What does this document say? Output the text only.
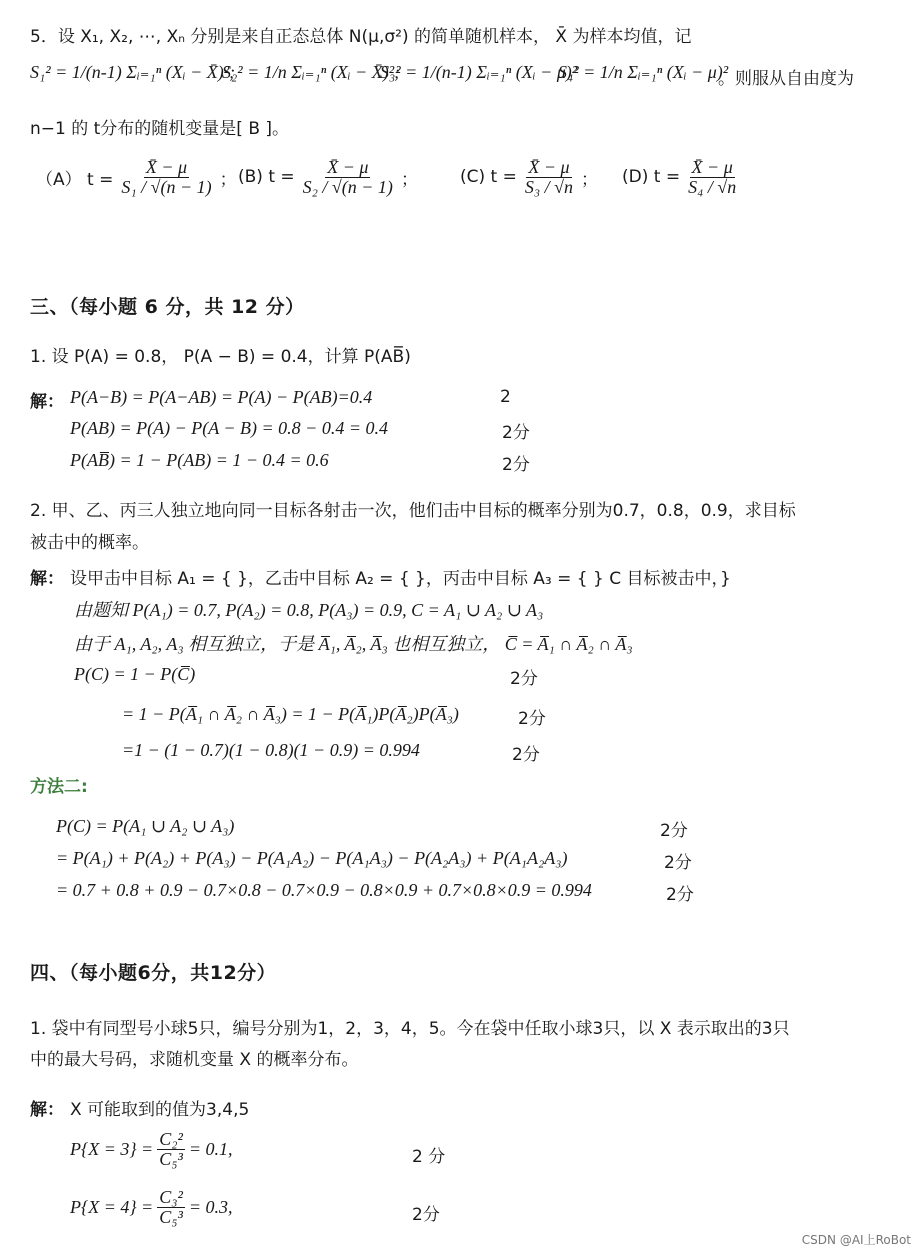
5．设 X₁, X₂, ⋯, Xₙ 分别是来自正态总体 N(μ,σ²) 的简单随机样本， X̄ 为样本均值，记
S₁² = 1/(n-1) Σᵢ₌₁ⁿ (Xᵢ − X̄)²;
S₂² = 1/n Σᵢ₌₁ⁿ (Xᵢ − X̄)²;
S₃² = 1/(n-1) Σᵢ₌₁ⁿ (Xᵢ − μ)²
S₄² = 1/n Σᵢ₌₁ⁿ (Xᵢ − μ)²
。则服从自由度为
n−1 的 t分布的随机变量是[ B ]。
（A） $t = \frac{X̄ - \mu}{\text{S₁ / √(n − 1)}}$ ； (B) $t = \frac{X̄ - \mu}{\text{S₂ / √(n − 1)}}$ ； (C) $t = \frac{X̄ - \mu}{\text{S₃ / √n}}$ ； (D) $t = \frac{X̄ - \mu}{\text{S₄ / √n}}$
三、（每小题 6 分，共 12 分）
1. 设 P(A) = 0.8， P(A − B) = 0.4，计算 P(AB̅̅)
解： P(A−B) = P(A−AB) = P(A) − P(AB)=0.4	2
P(AB) = P(A) − P(A − B) = 0.8 − 0.4 = 0.4	2分
P(AB̅̅) = 1 − P(AB) = 1 − 0.4 = 0.6	2分
2. 甲、乙、丙三人独立地向同一目标各射击一次，他们击中目标的概率分别为0.7，0.8，0.9，求目标
被击中的概率。
解： 设甲击中目标 A₁ = { }，乙击中目标 A₂ = { }，丙击中目标 A₃ = { } C 目标被击中，}
由题知 P(A₁) = 0.7, P(A₂) = 0.8, P(A₃) = 0.9, C = A₁ ∪ A₂ ∪ A₃
由于 A₁, A₂, A₃ 相互独立，于是 A̅₁, A̅₂, A̅₃ 也相互独立， C̅ = A̅₁ ∩ A̅₂ ∩ A̅₃
P(C) = 1 − P(C̅)	2分
= 1 − P(A̅₁ ∩ A̅₂ ∩ A̅₃) = 1 − P(A̅₁)P(A̅₂)P(A̅₃)	2分
=1 − (1 − 0.7)(1 − 0.8)(1 − 0.9) = 0.994	2分
方法二:
P(C) = P(A₁ ∪ A₂ ∪ A₃)	2分
= P(A₁) + P(A₂) + P(A₃) − P(A₁A₂) − P(A₁A₃) − P(A₂A₃) + P(A₁A₂A₃)	2分
= 0.7 + 0.8 + 0.9 − 0.7×0.8 − 0.7×0.9 − 0.8×0.9 + 0.7×0.8×0.9 = 0.994	2分
四、（每小题6分，共12分）
1. 袋中有同型号小球5只，编号分别为1，2，3，4，5。今在袋中任取小球3只，以 X 表示取出的3只
中的最大号码，求随机变量 X 的概率分布。
解： X 可能取到的值为3,4,5
$P\{X = 3\} = \frac{\text{C₂²}}{\text{C₅³}} = 0.1$,	2 分
$P\{X = 4\} = \frac{\text{C₃²}}{\text{C₅³}} = 0.3$,	2分
CSDN @AI上RoBot
